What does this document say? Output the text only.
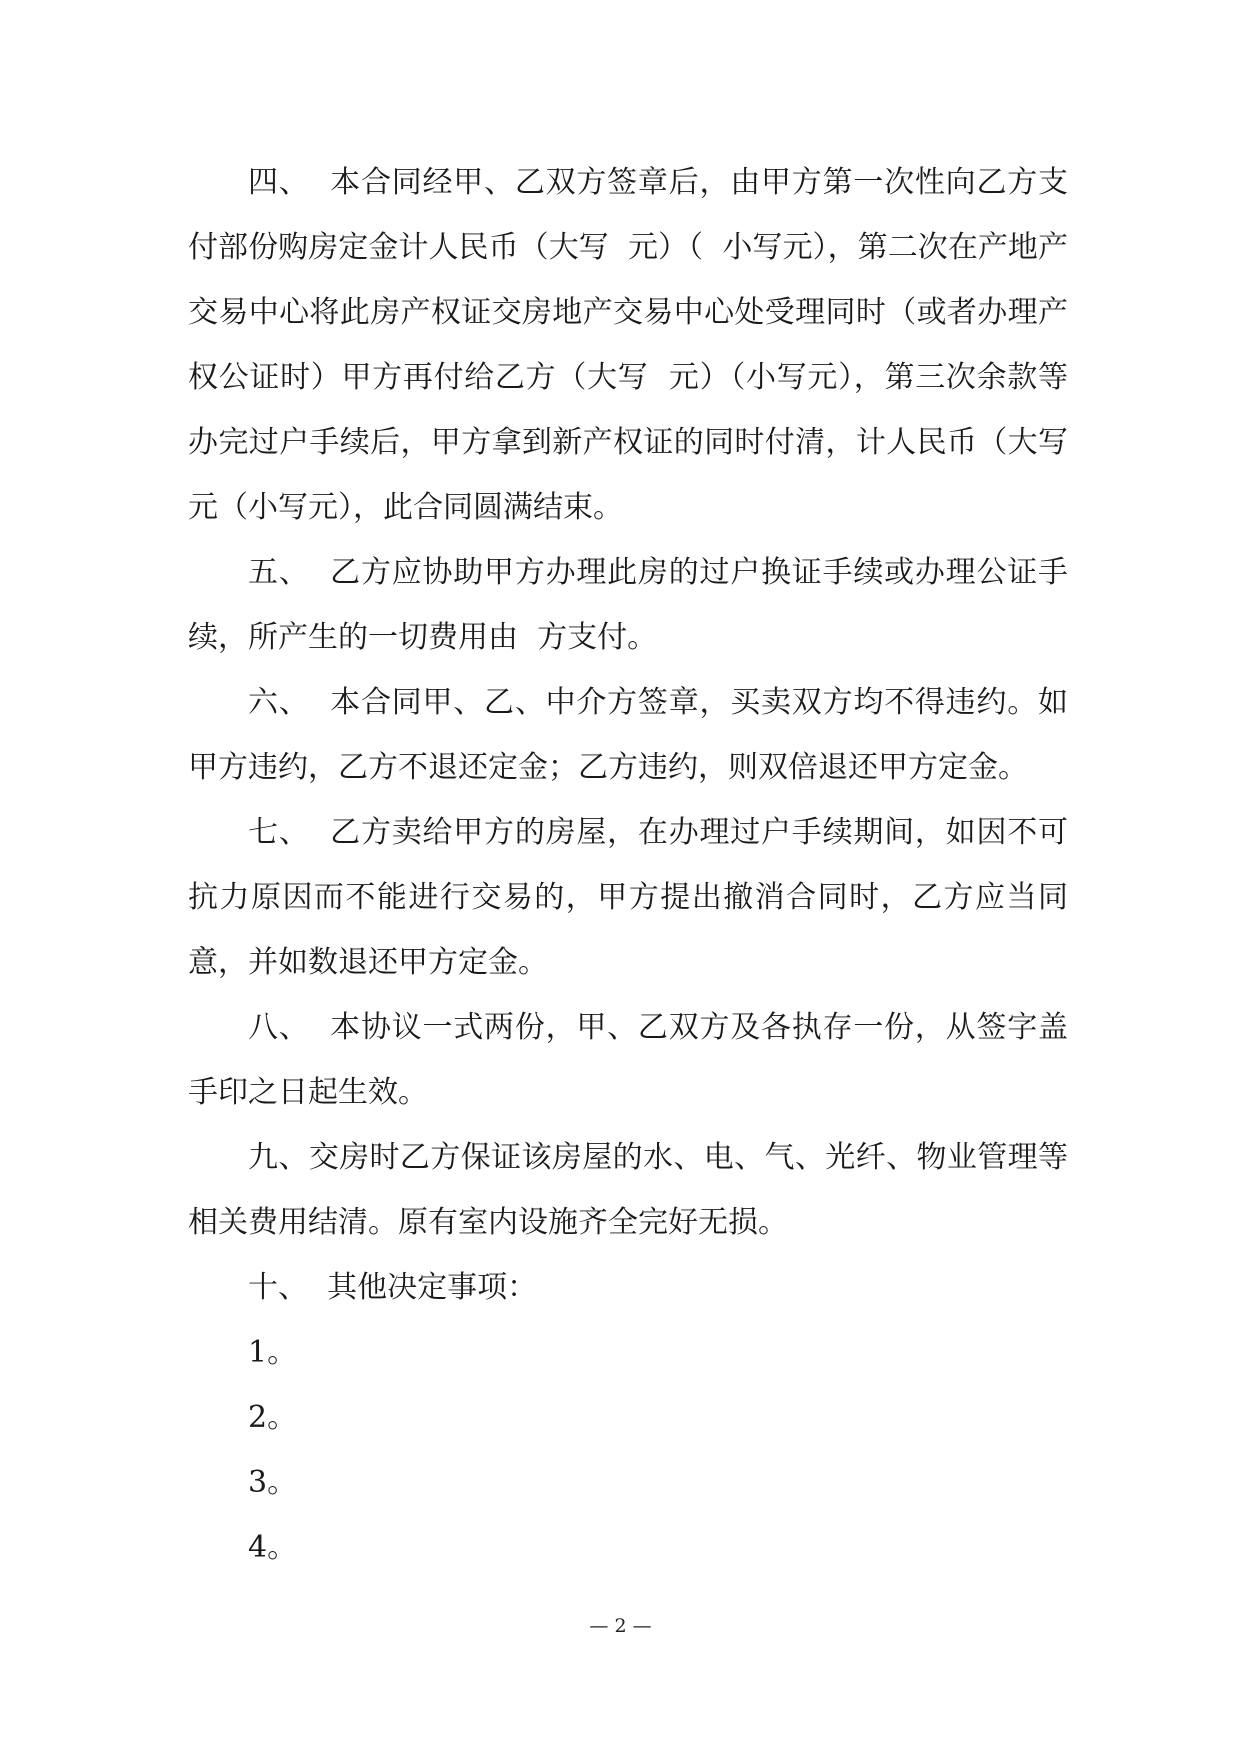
四、  本合同经甲、乙双方签章后，由甲方第一次性向乙方支付部份购房定金计人民币（大写  元）（  小写元），第二次在产地产交易中心将此房产权证交房地产交易中心处受理同时（或者办理产权公证时）甲方再付给乙方（大写  元）（小写元），第三次余款等办完过户手续后，甲方拿到新产权证的同时付清，计人民币（大写  元（小写元），此合同圆满结束。

五、  乙方应协助甲方办理此房的过户换证手续或办理公证手续，所产生的一切费用由  方支付。

六、  本合同甲、乙、中介方签章，买卖双方均不得违约。如甲方违约，乙方不退还定金；乙方违约，则双倍退还甲方定金。

七、  乙方卖给甲方的房屋，在办理过户手续期间，如因不可抗力原因而不能进行交易的，甲方提出撤消合同时，乙方应当同意，并如数退还甲方定金。

八、  本协议一式两份，甲、乙双方及各执存一份，从签字盖手印之日起生效。

九、交房时乙方保证该房屋的水、电、气、光纤、物业管理等相关费用结清。原有室内设施齐全完好无损。

十、  其他决定事项：

1。

2。

3。

4。

— 2 —
